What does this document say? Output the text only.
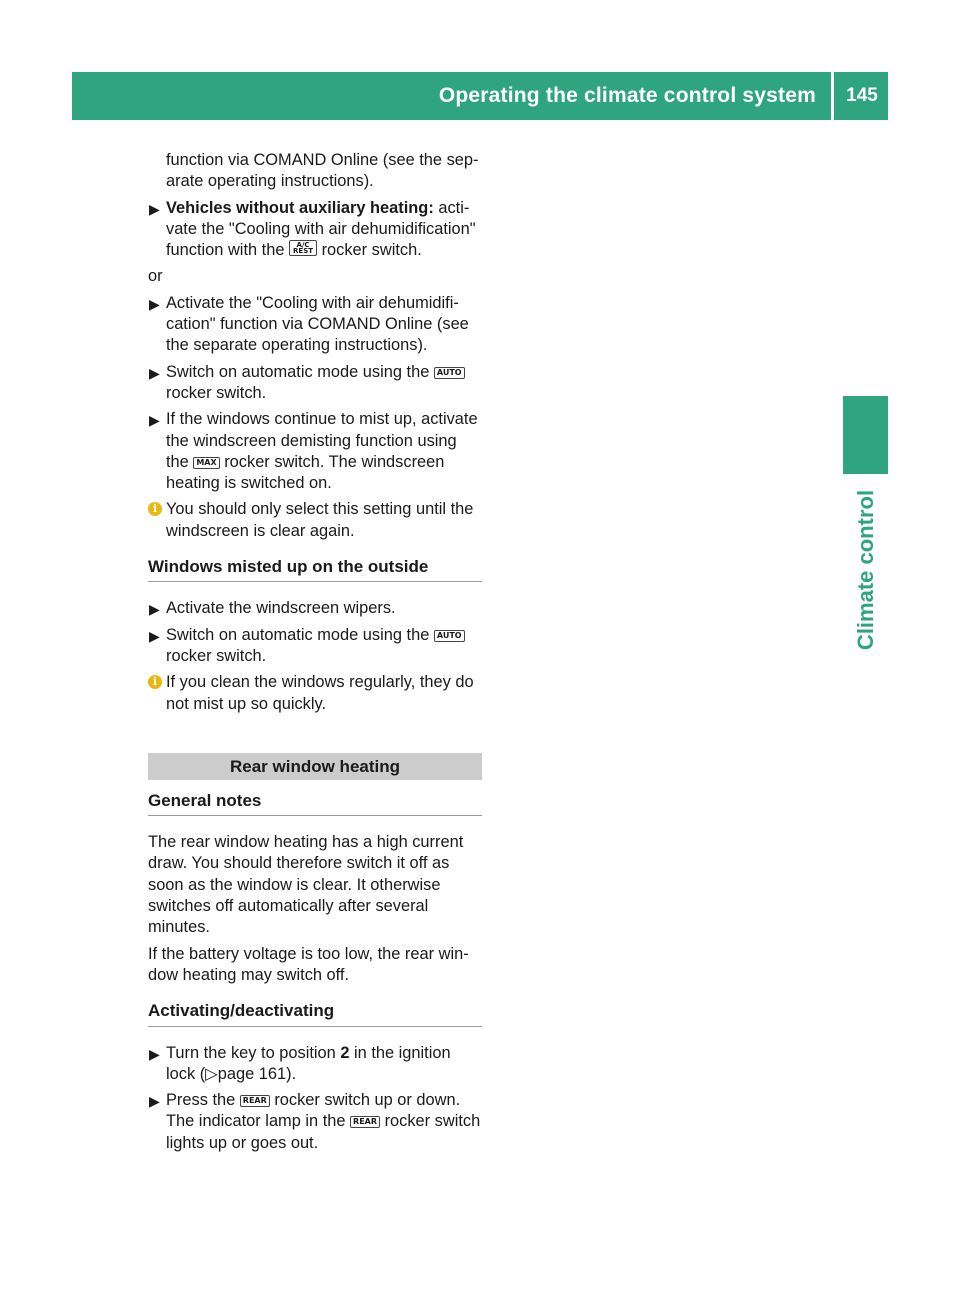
Operating the climate control system	145
Climate control

function via COMAND Online (see the sep-arate operating instructions).

▶ Vehicles without auxiliary heating: acti-vate the "Cooling with air dehumidification" function with the A/C
REST rocker switch.

or

▶ Activate the "Cooling with air dehumidifi-cation" function via COMAND Online (see the separate operating instructions).
▶ Switch on automatic mode using the AUTO
rocker switch.
▶ If the windows continue to mist up, activate the windscreen demisting function using the MAX rocker switch. The windscreen heating is switched on.
i You should only select this setting until the windscreen is clear again.
Windows misted up on the outside
▶ Activate the windscreen wipers.
▶ Switch on automatic mode using the AUTO
rocker switch.
i If you clean the windows regularly, they do not mist up so quickly.
Rear window heating
General notes

The rear window heating has a high current draw. You should therefore switch it off as soon as the window is clear. It otherwise switches off automatically after several minutes.

If the battery voltage is too low, the rear win-dow heating may switch off.

Activating/deactivating
▶ Turn the key to position 2 in the ignition lock (▷page 161).
▶ Press the REAR rocker switch up or down. The indicator lamp in the REAR rocker switch lights up or goes out.
